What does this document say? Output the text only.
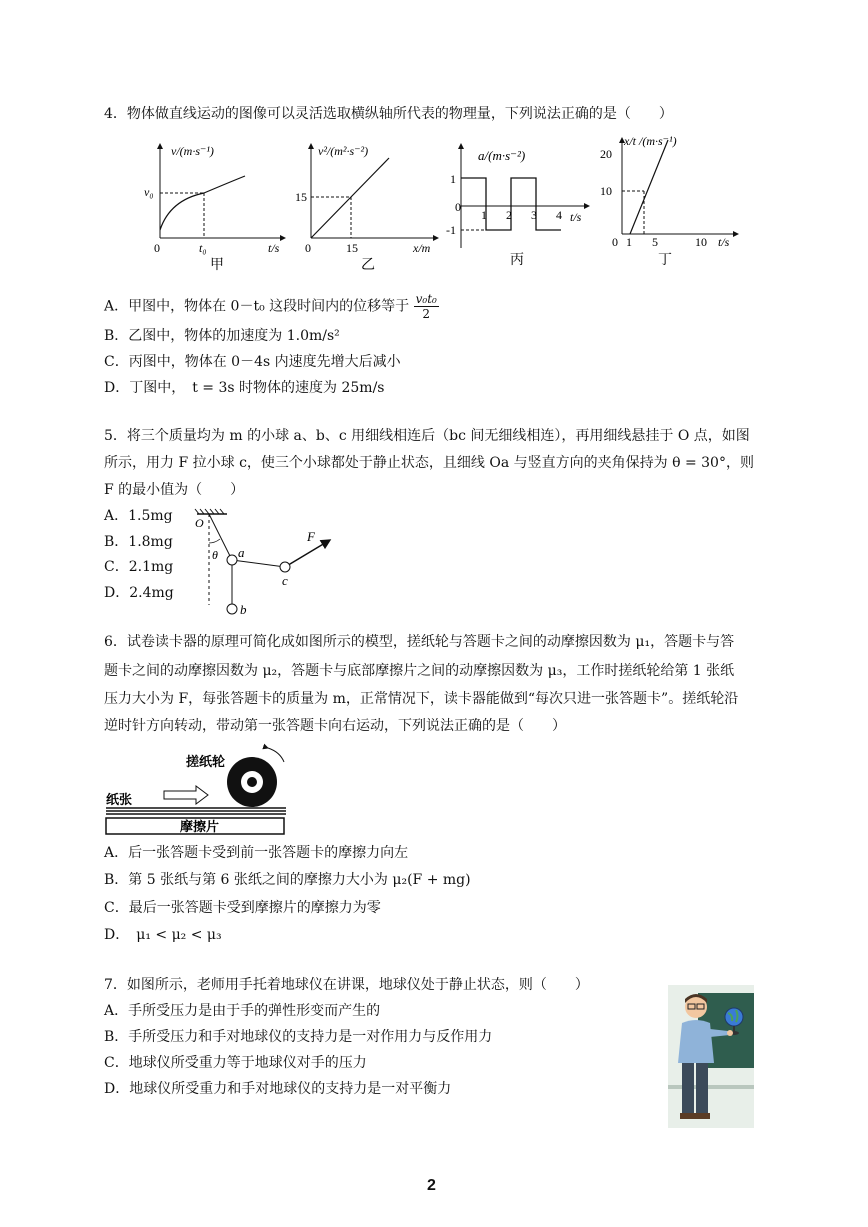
4．物体做直线运动的图像可以灵活选取横纵轴所代表的物理量，下列说法正确的是（　　）
v/(m·s⁻¹)
v₀
0	t₀	t/s
甲
v²/(m²·s⁻²)
15
0	15	x/m
乙
a/(m·s⁻²)
1
-1
0
1 2 3 4 t/s
丙
x/t /(m·s⁻¹)
20
10
0 1 5	10 t/s
丁
A．甲图中，物体在 0－t₀ 这段时间内的位移等于 $\frac{\text{v₀t₀}}{2}$
B．乙图中，物体的加速度为 1.0m/s²
C．丙图中，物体在 0－4s 内速度先增大后减小
D．丁图中，　t = 3s 时物体的速度为 25m/s
5．将三个质量均为 m 的小球 a、b、c 用细线相连后（bc 间无细线相连），再用细线悬挂于 O 点，如图
所示，用力 F 拉小球 c，使三个小球都处于静止状态，且细线 Oa 与竖直方向的夹角保持为 θ = 30°，则
F 的最小值为（　　）
A．1.5mg
B．1.8mg
C．2.1mg
D．2.4mg
O
θ a
b
c
F
6．试卷读卡器的原理可简化成如图所示的模型，搓纸轮与答题卡之间的动摩擦因数为 μ₁，答题卡与答
题卡之间的动摩擦因数为 μ₂，答题卡与底部摩擦片之间的动摩擦因数为 μ₃，工作时搓纸轮给第 1 张纸
压力大小为 F，每张答题卡的质量为 m，正常情况下，读卡器能做到“每次只进一张答题卡”。搓纸轮沿
逆时针方向转动，带动第一张答题卡向右运动，下列说法正确的是（　　）
搓纸轮
纸张
摩擦片
A．后一张答题卡受到前一张答题卡的摩擦力向左
B．第 5 张纸与第 6 张纸之间的摩擦力大小为 μ₂(F + mg)
C．最后一张答题卡受到摩擦片的摩擦力为零
D．　μ₁ < μ₂ < μ₃
7．如图所示，老师用手托着地球仪在讲课，地球仪处于静止状态，则（　　）
A．手所受压力是由于手的弹性形变而产生的
B．手所受压力和手对地球仪的支持力是一对作用力与反作用力
C．地球仪所受重力等于地球仪对手的压力
D．地球仪所受重力和手对地球仪的支持力是一对平衡力
2
